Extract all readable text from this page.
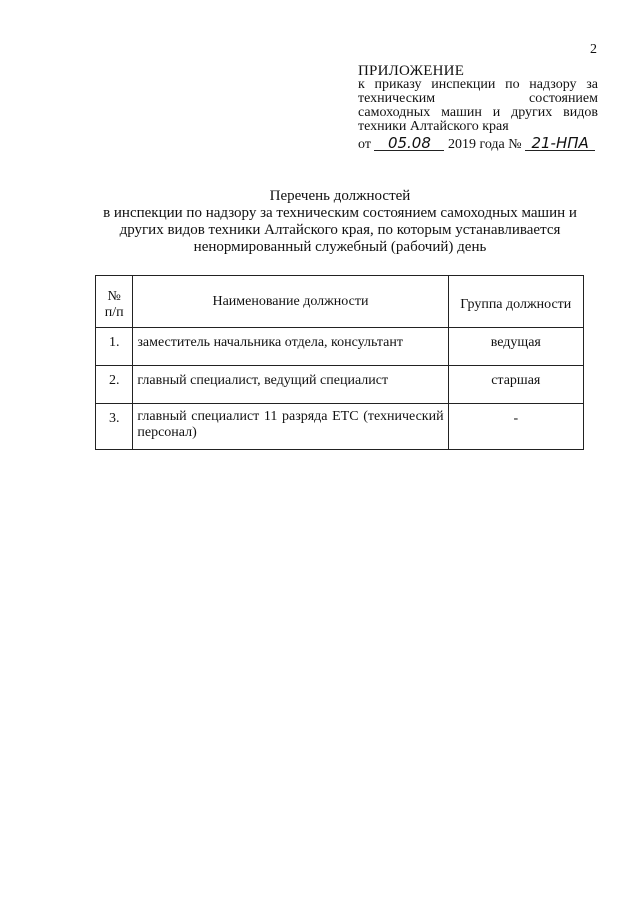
2
ПРИЛОЖЕНИЕ
к приказу инспекции по надзору за
техническим состоянием
самоходных машин и других видов
техники Алтайского края
от 05.08 2019 года № 21-НПА
Перечень должностей
в инспекции по надзору за техническим состоянием самоходных машин и
других видов техники Алтайского края, по которым устанавливается
ненормированный служебный (рабочий) день
№
п/п	Наименование должности	Группа должности
1.	заместитель начальника отдела, консультант	ведущая
2.	главный специалист, ведущий специалист	старшая
3.	главный специалист 11 разряда ЕТС (технический персонал)	-
